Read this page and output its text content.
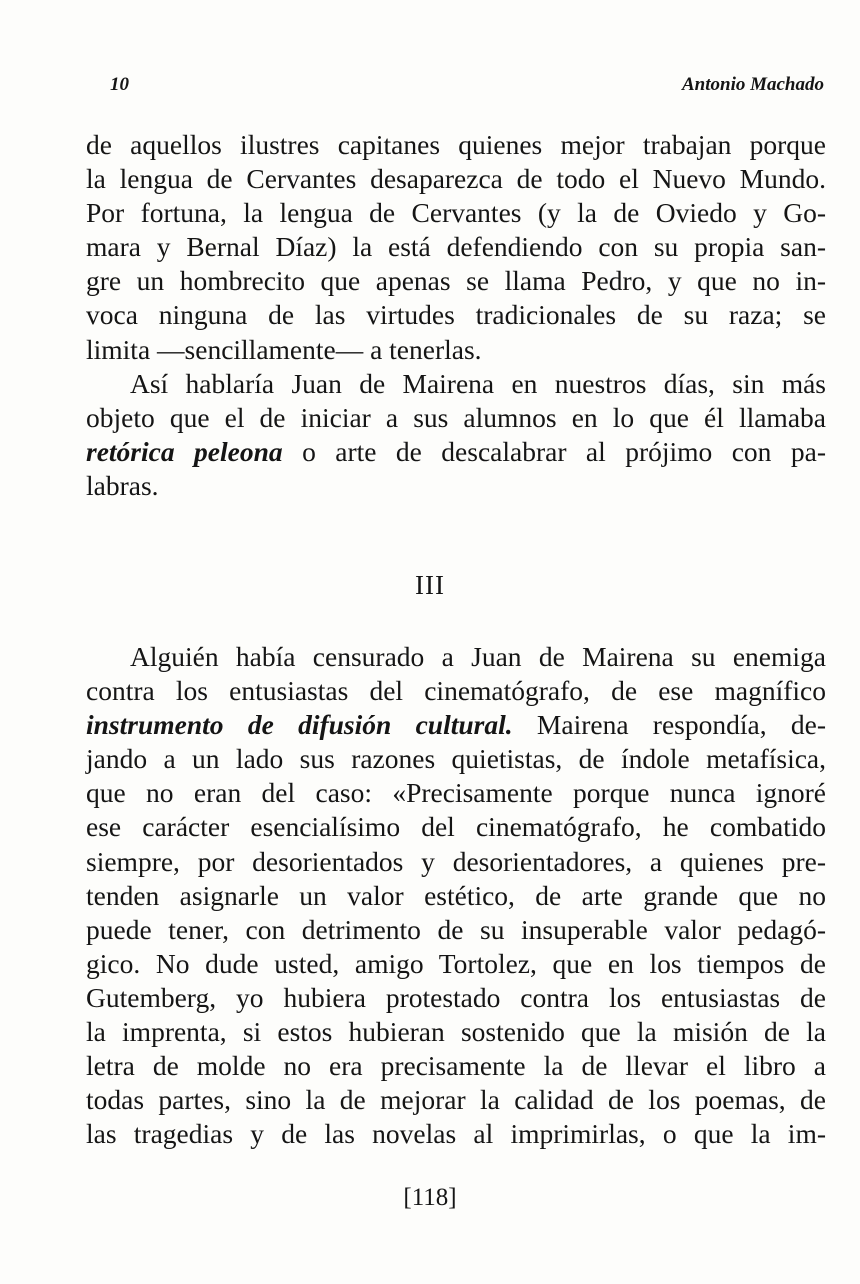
10	Antonio Machado
de aquellos ilustres capitanes quienes mejor trabajan porque
la lengua de Cervantes desaparezca de todo el Nuevo Mundo.
Por fortuna, la lengua de Cervantes (y la de Oviedo y Go-
mara y Bernal Díaz) la está defendiendo con su propia san-
gre un hombrecito que apenas se llama Pedro, y que no in-
voca ninguna de las virtudes tradicionales de su raza; se
limita —sencillamente— a tenerlas.
Así hablaría Juan de Mairena en nuestros días, sin más
objeto que el de iniciar a sus alumnos en lo que él llamaba
retórica peleona o arte de descalabrar al prójimo con pa-
labras.
III
Alguién había censurado a Juan de Mairena su enemiga
contra los entusiastas del cinematógrafo, de ese magnífico
instrumento de difusión cultural. Mairena respondía, de-
jando a un lado sus razones quietistas, de índole metafísica,
que no eran del caso: «Precisamente porque nunca ignoré
ese carácter esencialísimo del cinematógrafo, he combatido
siempre, por desorientados y desorientadores, a quienes pre-
tenden asignarle un valor estético, de arte grande que no
puede tener, con detrimento de su insuperable valor pedagó-
gico. No dude usted, amigo Tortolez, que en los tiempos de
Gutemberg, yo hubiera protestado contra los entusiastas de
la imprenta, si estos hubieran sostenido que la misión de la
letra de molde no era precisamente la de llevar el libro a
todas partes, sino la de mejorar la calidad de los poemas, de
las tragedias y de las novelas al imprimirlas, o que la im-
[118]
